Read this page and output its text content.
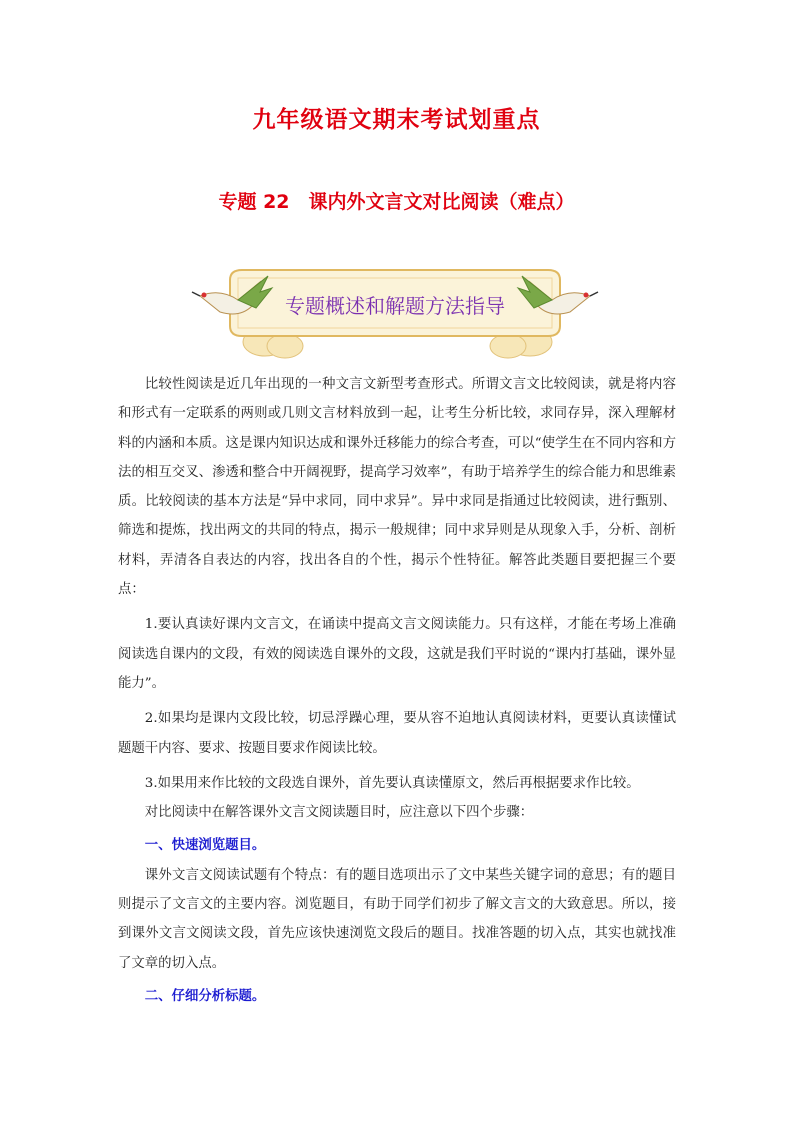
九年级语文期末考试划重点
专题 22　课内外文言文对比阅读（难点）
专题概述和解题方法指导

比较性阅读是近几年出现的一种文言文新型考查形式。所谓文言文比较阅读，就是将内容和形式有一定联系的两则或几则文言材料放到一起，让考生分析比较，求同存异，深入理解材料的内涵和本质。这是课内知识达成和课外迁移能力的综合考查，可以“使学生在不同内容和方法的相互交叉、渗透和整合中开阔视野，提高学习效率”，有助于培养学生的综合能力和思维素质。比较阅读的基本方法是“异中求同，同中求异”。异中求同是指通过比较阅读，进行甄别、筛选和提炼，找出两文的共同的特点，揭示一般规律；同中求异则是从现象入手，分析、剖析材料，弄清各自表达的内容，找出各自的个性，揭示个性特征。解答此类题目要把握三个要点：

1.要认真读好课内文言文，在诵读中提高文言文阅读能力。只有这样，才能在考场上准确阅读选自课内的文段，有效的阅读选自课外的文段，这就是我们平时说的“课内打基础，课外显能力”。

2.如果均是课内文段比较，切忌浮躁心理，要从容不迫地认真阅读材料，更要认真读懂试题题干内容、要求、按题目要求作阅读比较。

3.如果用来作比较的文段选自课外，首先要认真读懂原文，然后再根据要求作比较。

对比阅读中在解答课外文言文阅读题目时，应注意以下四个步骤：

一、快速浏览题目。

课外文言文阅读试题有个特点：有的题目选项出示了文中某些关键字词的意思；有的题目则提示了文言文的主要内容。浏览题目，有助于同学们初步了解文言文的大致意思。所以，接到课外文言文阅读文段，首先应该快速浏览文段后的题目。找准答题的切入点，其实也就找准了文章的切入点。

二、仔细分析标题。
